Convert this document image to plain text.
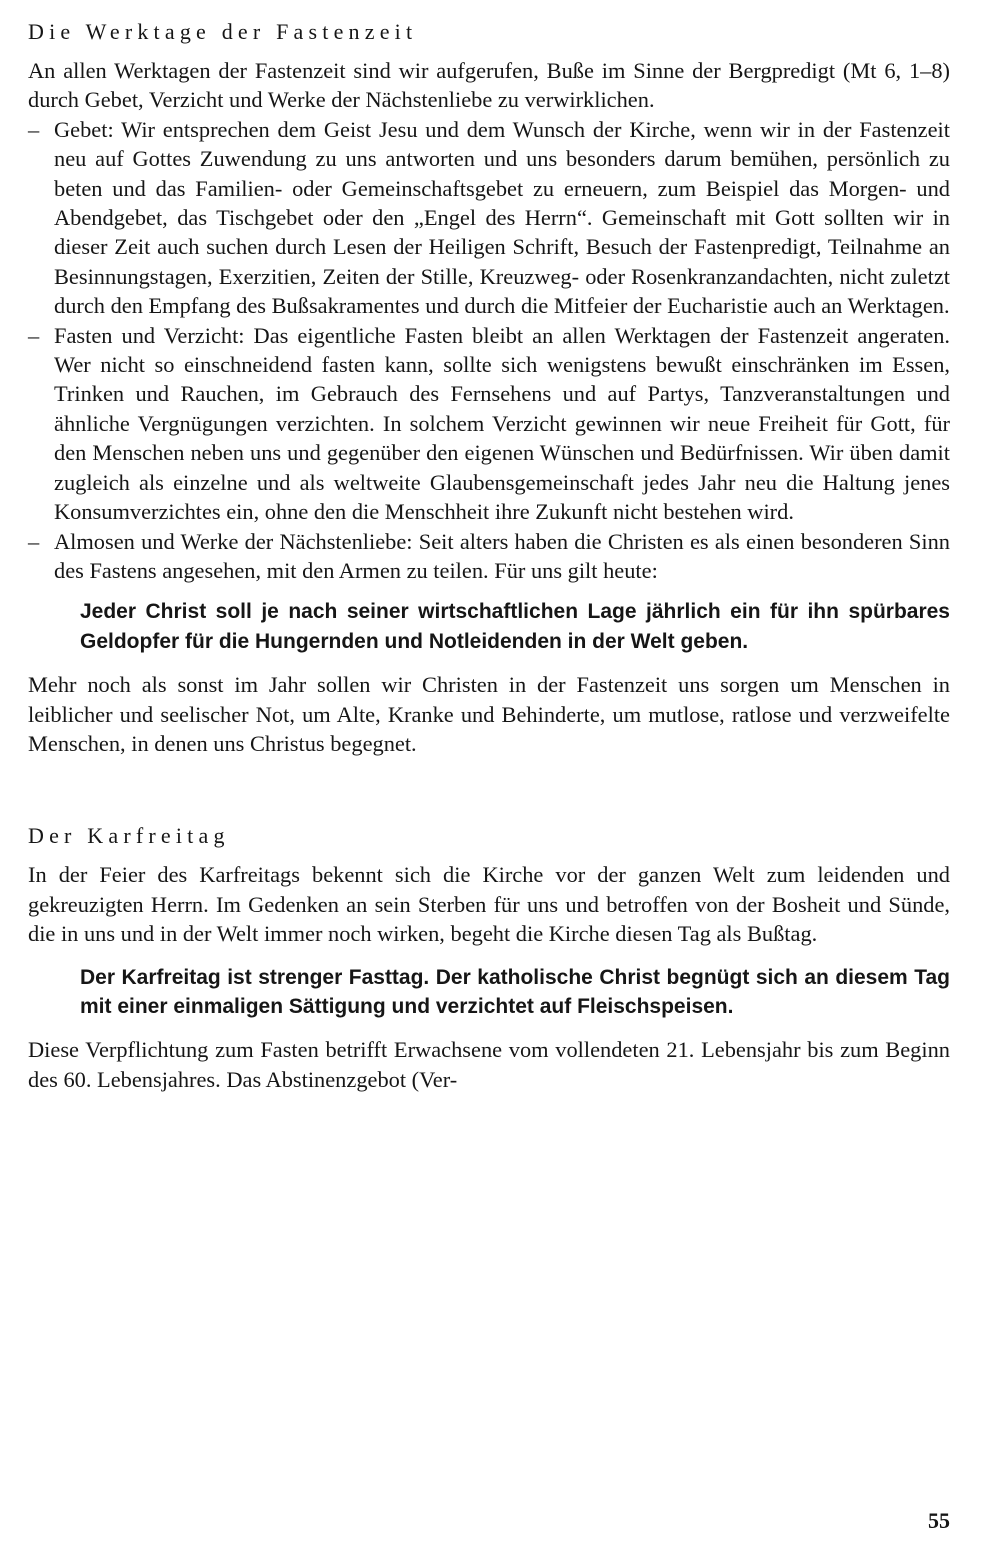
Die Werktage der Fastenzeit

An allen Werktagen der Fastenzeit sind wir aufgerufen, Buße im Sinne der Bergpredigt (Mt 6, 1–8) durch Gebet, Verzicht und Werke der Nächstenliebe zu verwirklichen.

– Gebet: Wir entsprechen dem Geist Jesu und dem Wunsch der Kirche, wenn wir in der Fastenzeit neu auf Gottes Zuwendung zu uns antworten und uns besonders darum bemühen, persönlich zu beten und das Familien- oder Gemeinschaftsgebet zu erneuern, zum Beispiel das Morgen- und Abendgebet, das Tischgebet oder den „Engel des Herrn“. Gemeinschaft mit Gott sollten wir in dieser Zeit auch suchen durch Lesen der Heiligen Schrift, Besuch der Fastenpredigt, Teilnahme an Besinnungstagen, Exerzitien, Zeiten der Stille, Kreuzweg- oder Rosenkranzandachten, nicht zuletzt durch den Empfang des Bußsakramentes und durch die Mitfeier der Eucharistie auch an Werktagen.
– Fasten und Verzicht: Das eigentliche Fasten bleibt an allen Werktagen der Fastenzeit angeraten. Wer nicht so einschneidend fasten kann, sollte sich wenigstens bewußt einschränken im Essen, Trinken und Rauchen, im Gebrauch des Fernsehens und auf Partys, Tanzveranstaltungen und ähnliche Vergnügungen verzichten. In solchem Verzicht gewinnen wir neue Freiheit für Gott, für den Menschen neben uns und gegenüber den eigenen Wünschen und Bedürfnissen. Wir üben damit zugleich als einzelne und als weltweite Glaubensgemeinschaft jedes Jahr neu die Haltung jenes Konsumverzichtes ein, ohne den die Menschheit ihre Zukunft nicht bestehen wird.
– Almosen und Werke der Nächstenliebe: Seit alters haben die Christen es als einen besonderen Sinn des Fastens angesehen, mit den Armen zu teilen. Für uns gilt heute:
Jeder Christ soll je nach seiner wirtschaftlichen Lage jährlich ein für ihn spürbares Geldopfer für die Hungernden und Notleidenden in der Welt geben.

Mehr noch als sonst im Jahr sollen wir Christen in der Fastenzeit uns sorgen um Menschen in leiblicher und seelischer Not, um Alte, Kranke und Behinderte, um mutlose, ratlose und verzweifelte Menschen, in denen uns Christus begegnet.

Der Karfreitag

In der Feier des Karfreitags bekennt sich die Kirche vor der ganzen Welt zum leidenden und gekreuzigten Herrn. Im Gedenken an sein Sterben für uns und betroffen von der Bosheit und Sünde, die in uns und in der Welt immer noch wirken, begeht die Kirche diesen Tag als Bußtag.

Der Karfreitag ist strenger Fasttag. Der katholische Christ begnügt sich an diesem Tag mit einer einmaligen Sättigung und verzichtet auf Fleischspeisen.

Diese Verpflichtung zum Fasten betrifft Erwachsene vom vollendeten 21. Lebensjahr bis zum Beginn des 60. Lebensjahres. Das Abstinenzgebot (Ver-

55
